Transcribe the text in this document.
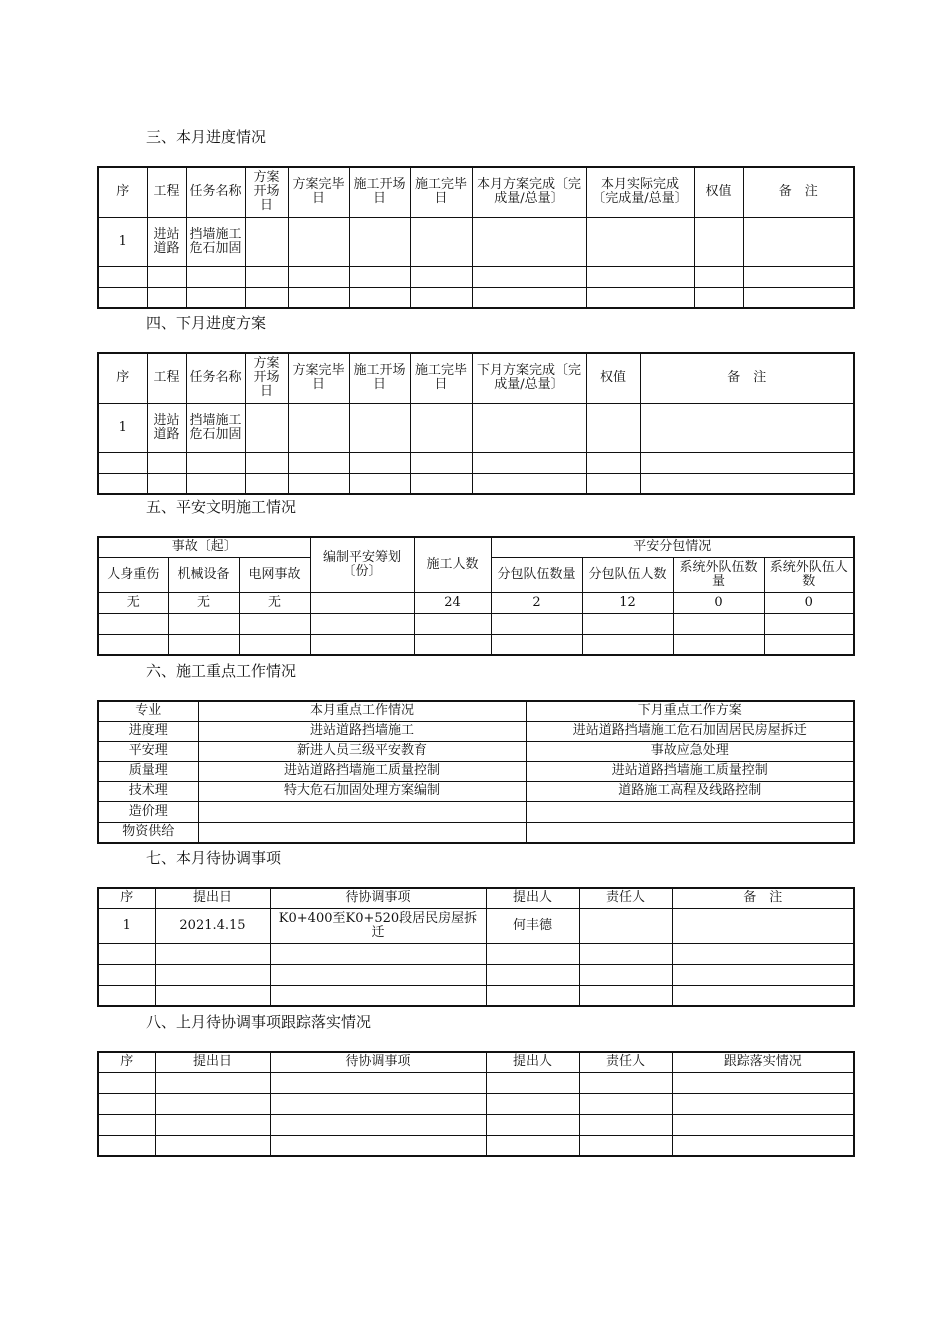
三、本月进度情况
序	工程	任务名称	方案开场日	方案完毕日	施工开场日	施工完毕日	本月方案完成〔完成量/总量〕	本月实际完成〔完成量/总量〕	权值	备　注
1	进站道路	挡墙施工危石加固								

四、下月进度方案
序	工程	任务名称	方案开场日	方案完毕日	施工开场日	施工完毕日	下月方案完成〔完成量/总量〕	权值	备　注
1	进站道路	挡墙施工危石加固							

五、平安文明施工情况
事故〔起〕			编制平安筹划〔份〕	施工人数	平安分包情况			
人身重伤	机械设备	电网事故			分包队伍数量	分包队伍人数	系统外队伍数量	系统外队伍人数
无	无	无		24	2	12	0	0

六、施工重点工作情况
专业	本月重点工作情况	下月重点工作方案
进度理	进站道路挡墙施工	进站道路挡墙施工危石加固居民房屋拆迁
平安理	新进人员三级平安教育	事故应急处理
质量理	进站道路挡墙施工质量控制	进站道路挡墙施工质量控制
技术理	特大危石加固处理方案编制	道路施工高程及线路控制
造价理		
物资供给		
七、本月待协调事项
序	提出日	待协调事项	提出人	责任人	备　注
1	2021.4.15	K0+400至K0+520段居民房屋拆迁	何丰德		

八、上月待协调事项跟踪落实情况
序	提出日	待协调事项	提出人	责任人	跟踪落实情况
